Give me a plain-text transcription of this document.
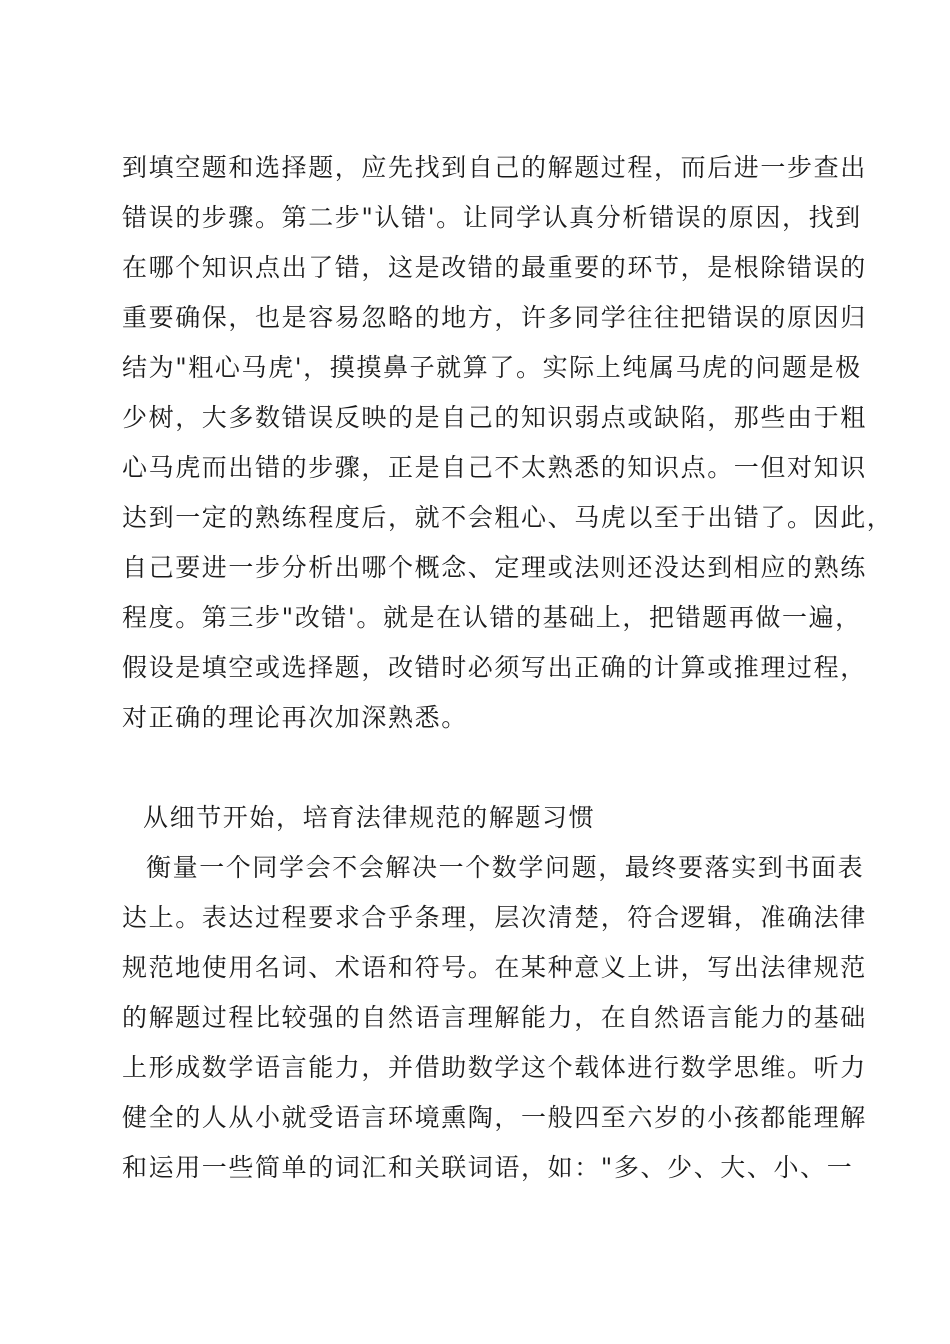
到填空题和选择题，应先找到自己的解题过程，而后进一步查出
错误的步骤。第二步"认错'。让同学认真分析错误的原因，找到
在哪个知识点出了错，这是改错的最重要的环节，是根除错误的
重要确保，也是容易忽略的地方，许多同学往往把错误的原因归
结为"粗心马虎'，摸摸鼻子就算了。实际上纯属马虎的问题是极
少树，大多数错误反映的是自己的知识弱点或缺陷，那些由于粗
心马虎而出错的步骤，正是自己不太熟悉的知识点。一但对知识
达到一定的熟练程度后，就不会粗心、马虎以至于出错了。因此，
自己要进一步分析出哪个概念、定理或法则还没达到相应的熟练
程度。第三步"改错'。就是在认错的基础上，把错题再做一遍，
假设是填空或选择题，改错时必须写出正确的计算或推理过程，
对正确的理论再次加深熟悉。
从细节开始，培育法律规范的解题习惯
衡量一个同学会不会解决一个数学问题，最终要落实到书面表
达上。表达过程要求合乎条理，层次清楚，符合逻辑，准确法律
规范地使用名词、术语和符号。在某种意义上讲，写出法律规范
的解题过程比较强的自然语言理解能力，在自然语言能力的基础
上形成数学语言能力，并借助数学这个载体进行数学思维。听力
健全的人从小就受语言环境熏陶，一般四至六岁的小孩都能理解
和运用一些简单的词汇和关联词语，如："多、少、大、小、一
